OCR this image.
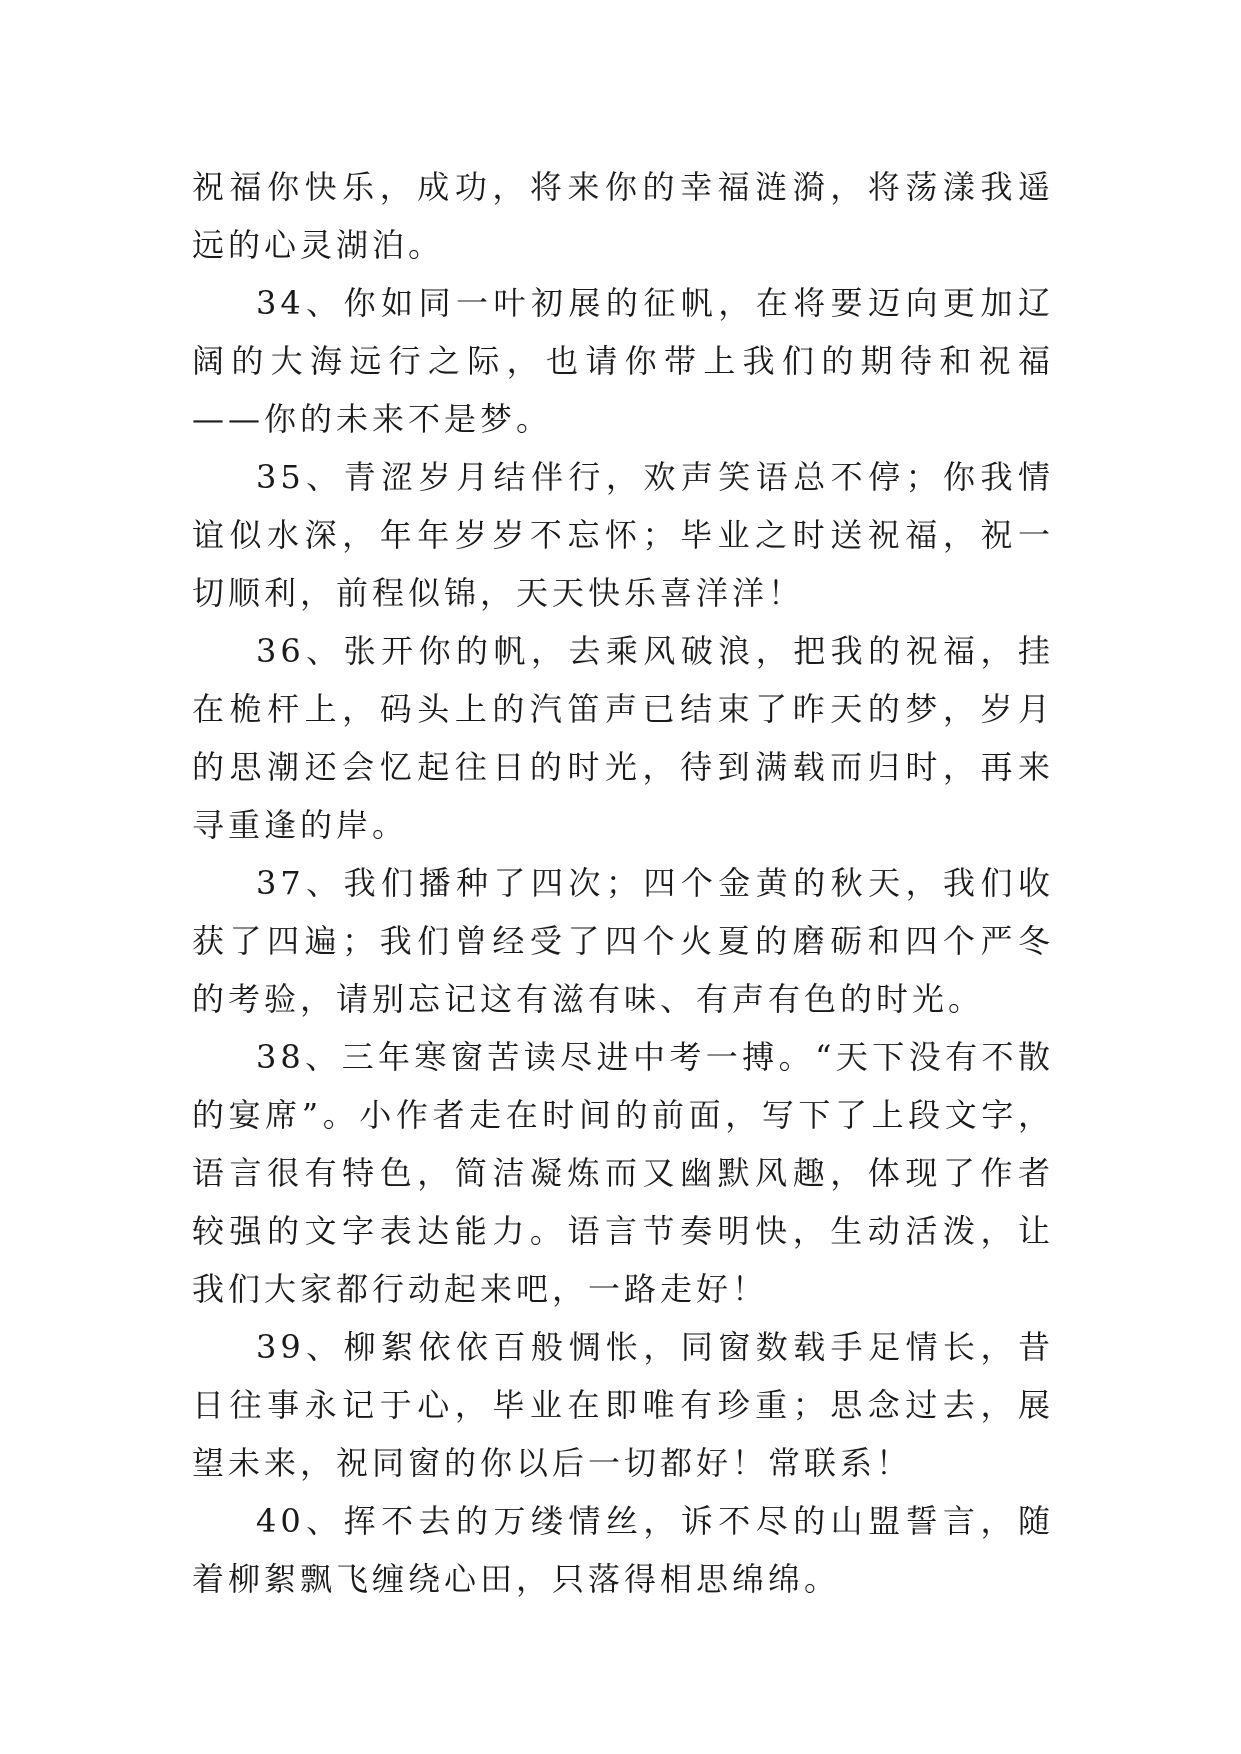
祝福你快乐，成功，将来你的幸福涟漪，将荡漾我遥远的心灵湖泊。

34、你如同一叶初展的征帆，在将要迈向更加辽阔的大海远行之际，也请你带上我们的期待和祝福——你的未来不是梦。

35、青涩岁月结伴行，欢声笑语总不停；你我情谊似水深，年年岁岁不忘怀；毕业之时送祝福，祝一切顺利，前程似锦，天天快乐喜洋洋！

36、张开你的帆，去乘风破浪，把我的祝福，挂在桅杆上，码头上的汽笛声已结束了昨天的梦，岁月的思潮还会忆起往日的时光，待到满载而归时，再来寻重逢的岸。

37、我们播种了四次；四个金黄的秋天，我们收获了四遍；我们曾经受了四个火夏的磨砺和四个严冬的考验，请别忘记这有滋有味、有声有色的时光。

38、三年寒窗苦读尽进中考一搏。“天下没有不散的宴席”。小作者走在时间的前面，写下了上段文字，语言很有特色，简洁凝炼而又幽默风趣，体现了作者较强的文字表达能力。语言节奏明快，生动活泼，让我们大家都行动起来吧，一路走好！

39、柳絮依依百般惆怅，同窗数载手足情长，昔日往事永记于心，毕业在即唯有珍重；思念过去，展望未来，祝同窗的你以后一切都好！常联系！

40、挥不去的万缕情丝，诉不尽的山盟誓言，随着柳絮飘飞缠绕心田，只落得相思绵绵。
